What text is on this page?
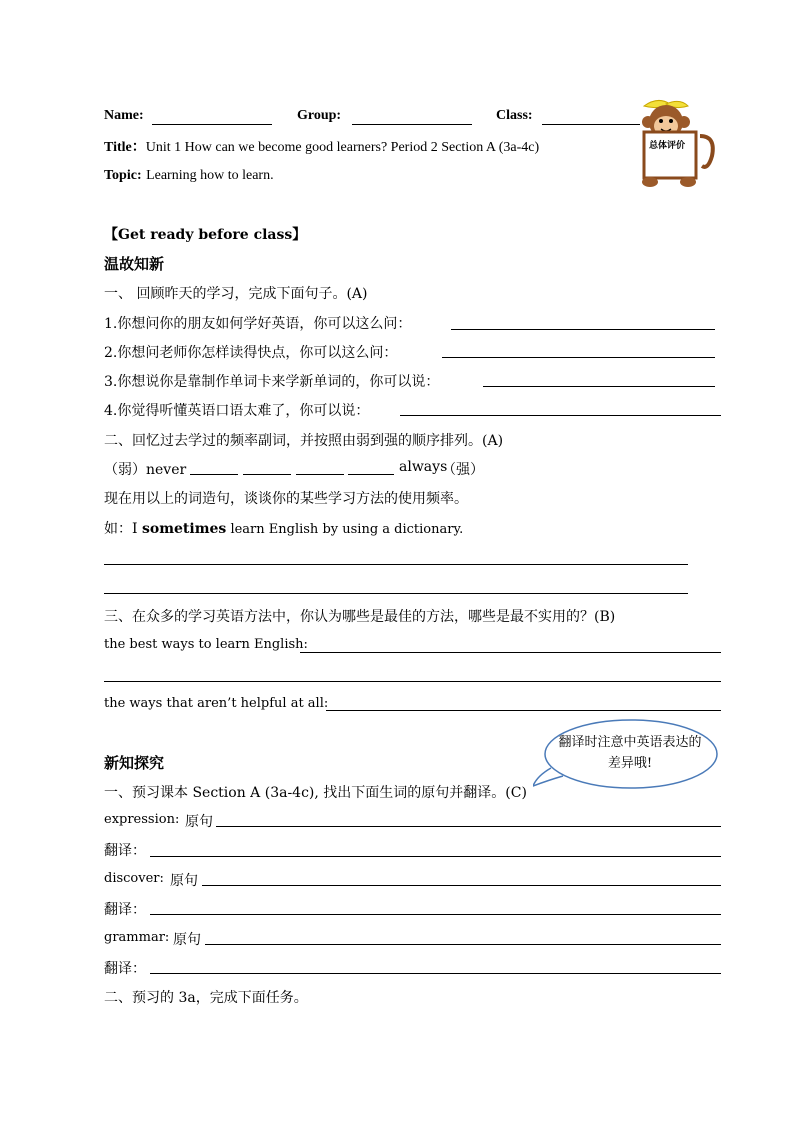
Name:	Group:	Class:
Title：Unit 1 How can we become good learners? Period 2 Section A (3a-4c)
Topic: Learning how to learn.
总体评价
【Get ready before class】
温故知新
一、 回顾昨天的学习，完成下面句子。(A)
1.你想问你的朋友如何学好英语，你可以这么问：
2.你想问老师你怎样读得快点，你可以这么问：
3.你想说你是靠制作单词卡来学新单词的，你可以说：
4.你觉得听懂英语口语太难了，你可以说：
二、回忆过去学过的频率副词，并按照由弱到强的顺序排列。(A)
（弱）never	always
（强）
现在用以上的词造句，谈谈你的某些学习方法的使用频率。
如：I sometimes learn English by using a dictionary.
三、在众多的学习英语方法中，你认为哪些是最佳的方法，哪些是最不实用的？(B)
the best ways to learn English:
the ways that aren’t helpful at all:
翻译时注意中英语表达的差异哦!
新知探究
一、预习课本 Section A (3a-4c), 找出下面生词的原句并翻译。(C)
expression: 原句
翻译：
discover: 原句
翻译：
grammar: 原句
翻译：
二、预习的 3a，完成下面任务。
